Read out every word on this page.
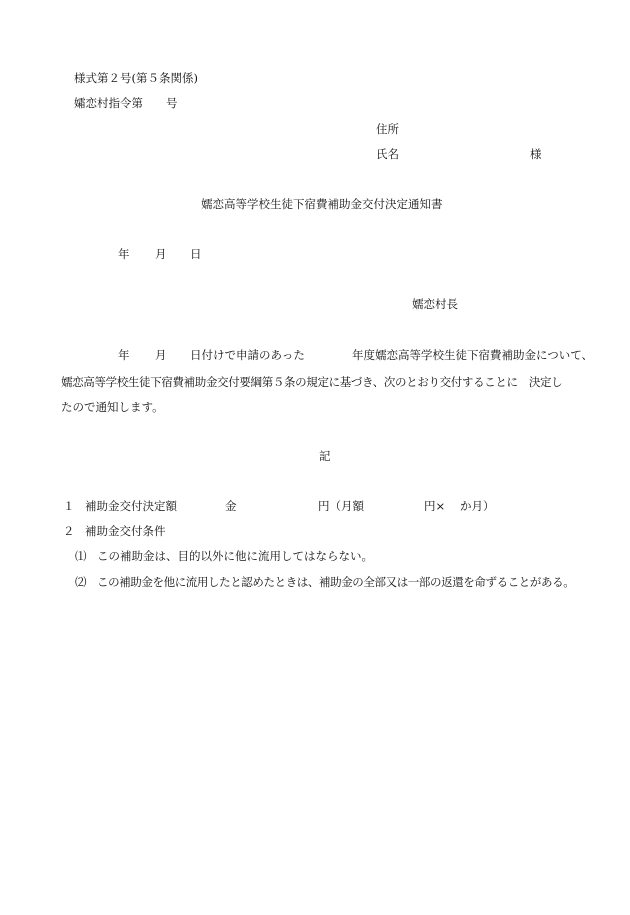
様式第２号(第５条関係)
孀恋村指令第　　号
住所
氏名	様
嬬恋高等学校生徒下宿費補助金交付決定通知書
年 月 日
嬬恋村長
年 月 日付けで申請のあった	年度嬬恋高等学校生徒下宿費補助金について、
嬬恋高等学校生徒下宿費補助金交付要綱第５条の規定に基づき、次のとおり交付することに　決定し
たので通知します。
記
１ 補助金交付決定額	金	円（月額	円× か月）
２ 補助金交付条件
⑴ この補助金は、目的以外に他に流用してはならない。
⑵ この補助金を他に流用したと認めたときは、補助金の全部又は一部の返還を命ずることがある。
